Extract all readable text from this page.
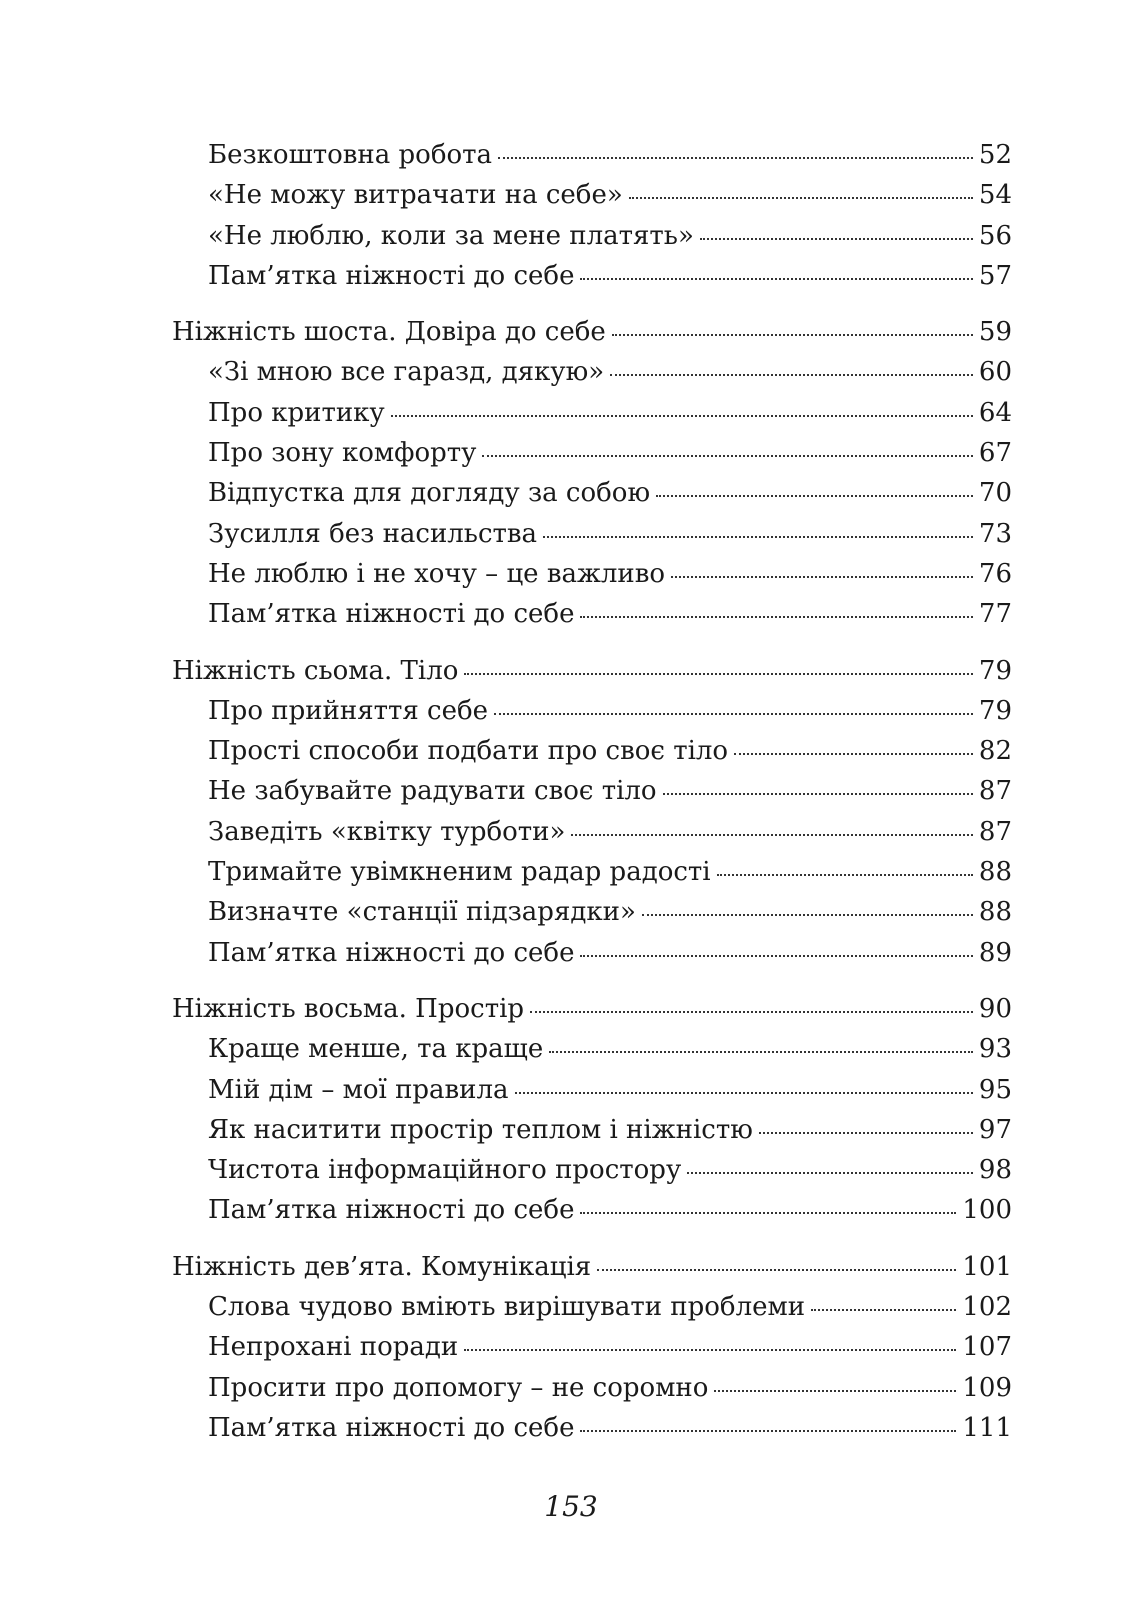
Безкоштовна робота	52
«Не можу витрачати на себе»	54
«Не люблю, коли за мене платять»	56
Пам’ятка ніжності до себе	57
Ніжність шоста. Довіра до себе	59
«Зі мною все гаразд, дякую»	60
Про критику	64
Про зону комфорту	67
Відпустка для догляду за собою	70
Зусилля без насильства	73
Не люблю і не хочу – це важливо	76
Пам’ятка ніжності до себе	77
Ніжність сьома. Тіло	79
Про прийняття себе	79
Прості способи подбати про своє тіло	82
Не забувайте радувати своє тіло	87
Заведіть «квітку турботи»	87
Тримайте увімкненим радар радості	88
Визначте «станції підзарядки»	88
Пам’ятка ніжності до себе	89
Ніжність восьма. Простір	90
Краще менше, та краще	93
Мій дім – мої правила	95
Як наситити простір теплом і ніжністю	97
Чистота інформаційного простору	98
Пам’ятка ніжності до себе	100
Ніжність дев’ята. Комунікація	101
Слова чудово вміють вирішувати проблеми	102
Непрохані поради	107
Просити про допомогу – не соромно	109
Пам’ятка ніжності до себе	111
153
